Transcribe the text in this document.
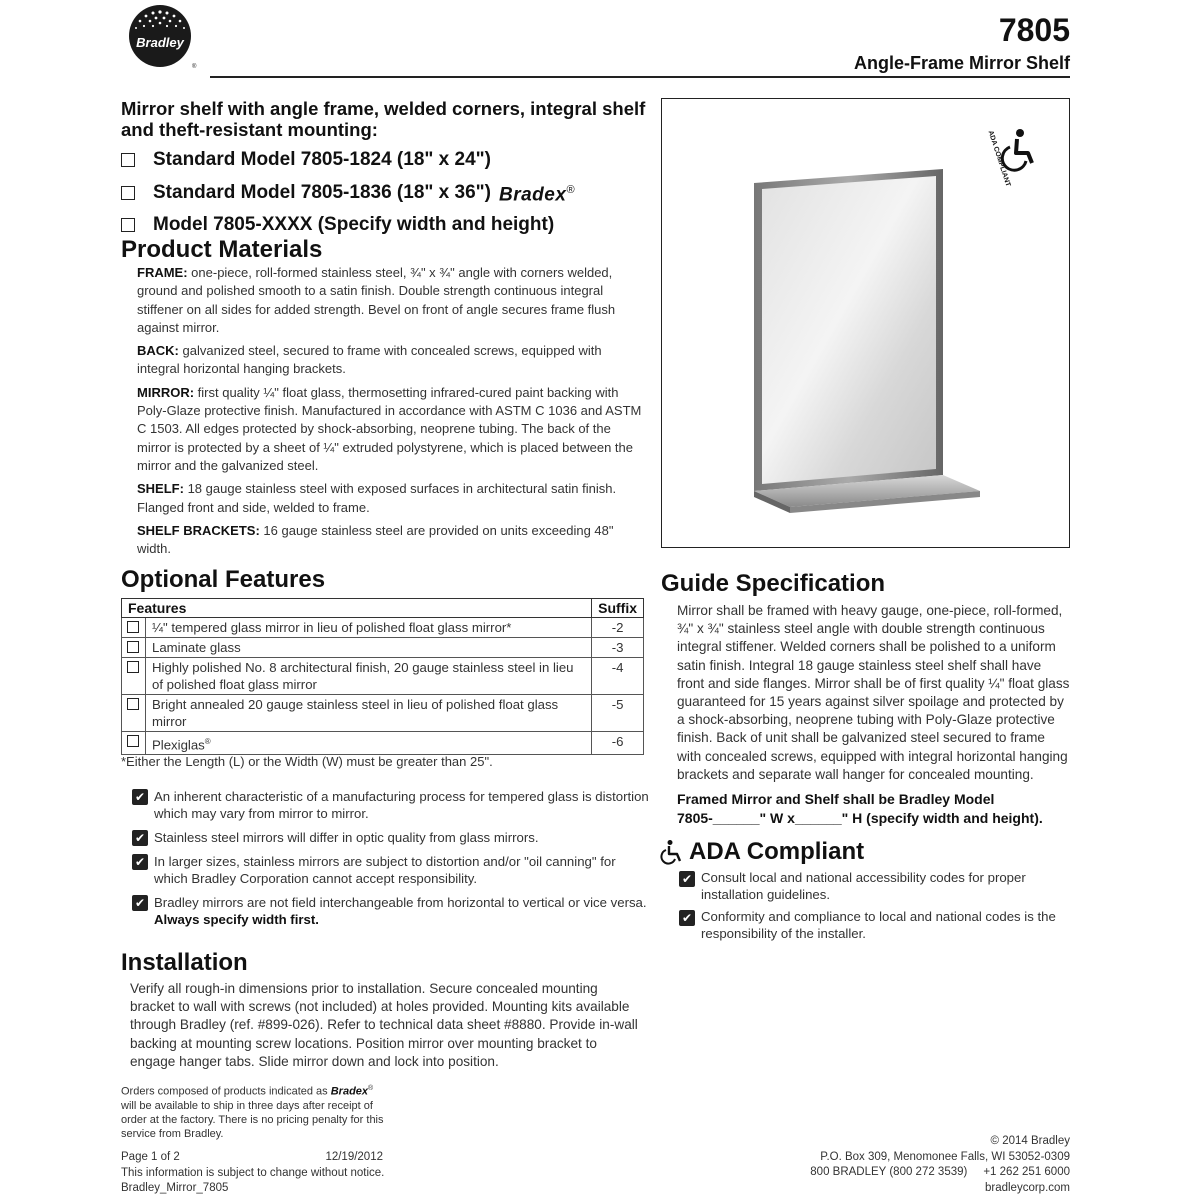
Bradley
®
7805
Angle-Frame Mirror Shelf
Mirror shelf with angle frame, welded corners, integral shelf and theft-resistant mounting:
Standard Model 7805-1824 (18" x 24")
Standard Model 7805-1836 (18" x 36") Bradex®
Model 7805-XXXX (Specify width and height)
Product Materials

FRAME: one-piece, roll-formed stainless steel, ¾" x ¾" angle with corners welded, ground and polished smooth to a satin finish. Double strength continuous integral stiffener on all sides for added strength. Bevel on front of angle secures frame flush against mirror.

BACK: galvanized steel, secured to frame with concealed screws, equipped with integral horizontal hanging brackets.

MIRROR: first quality ¼" float glass, thermosetting infrared-cured paint backing with Poly-Glaze protective finish. Manufactured in accordance with ASTM C 1036 and ASTM C 1503. All edges protected by shock-absorbing, neoprene tubing. The back of the mirror is protected by a sheet of ¼" extruded polystyrene, which is placed between the mirror and the galvanized steel.

SHELF: 18 gauge stainless steel with exposed surfaces in architectural satin finish. Flanged front and side, welded to frame.

SHELF BRACKETS: 16 gauge stainless steel are provided on units exceeding 48" width.

Optional Features
Features		Suffix

	¼" tempered glass mirror in lieu of polished float glass mirror*	-2

	Laminate glass	-3

	Highly polished No. 8 architectural finish, 20 gauge stainless steel in lieu of polished float glass mirror	-4

	Bright annealed 20 gauge stainless steel in lieu of polished float glass mirror	-5

	Plexiglas®	-6
*Either the Length (L) or the Width (W) must be greater than 25".
✔ An inherent characteristic of a manufacturing process for tempered glass is distortion which may vary from mirror to mirror.
✔ Stainless steel mirrors will differ in optic quality from glass mirrors.
✔ In larger sizes, stainless mirrors are subject to distortion and/or "oil canning" for which Bradley Corporation cannot accept responsibility.
✔ Bradley mirrors are not field interchangeable from horizontal to vertical or vice versa.
Always specify width first.
Installation
Verify all rough-in dimensions prior to installation. Secure concealed mounting bracket to wall with screws (not included) at holes provided. Mounting kits available through Bradley (ref. #899-026). Refer to technical data sheet #8880. Provide in-wall backing at mounting screw locations. Position mirror over mounting bracket to engage hanger tabs. Slide mirror down and lock into position.
Orders composed of products indicated as Bradex® will be available to ship in three days after receipt of order at the factory. There is no pricing penalty for this service from Bradley.
Page 1 of 2	12/19/2012
This information is subject to change without notice.
Bradley_Mirror_7805
© 2014 Bradley
P.O. Box 309, Menomonee Falls, WI 53052-0309
800 BRADLEY (800 272 3539) +1 262 251 6000
bradleycorp.com
ADA COMPLIANT
Guide Specification
Mirror shall be framed with heavy gauge, one-piece, roll-formed, ¾" x ¾" stainless steel angle with double strength continuous integral stiffener. Welded corners shall be polished to a uniform satin finish. Integral 18 gauge stainless steel shelf shall have front and side flanges. Mirror shall be of first quality ¼" float glass guaranteed for 15 years against silver spoilage and protected by a shock-absorbing, neoprene tubing with Poly-Glaze protective finish. Back of unit shall be galvanized steel secured to frame with concealed screws, equipped with integral horizontal hanging brackets and separate wall hanger for concealed mounting.
Framed Mirror and Shelf shall be Bradley Model
7805-______" W x______" H (specify width and height).
ADA Compliant
✔ Consult local and national accessibility codes for proper installation guidelines.
✔ Conformity and compliance to local and national codes is the responsibility of the installer.
